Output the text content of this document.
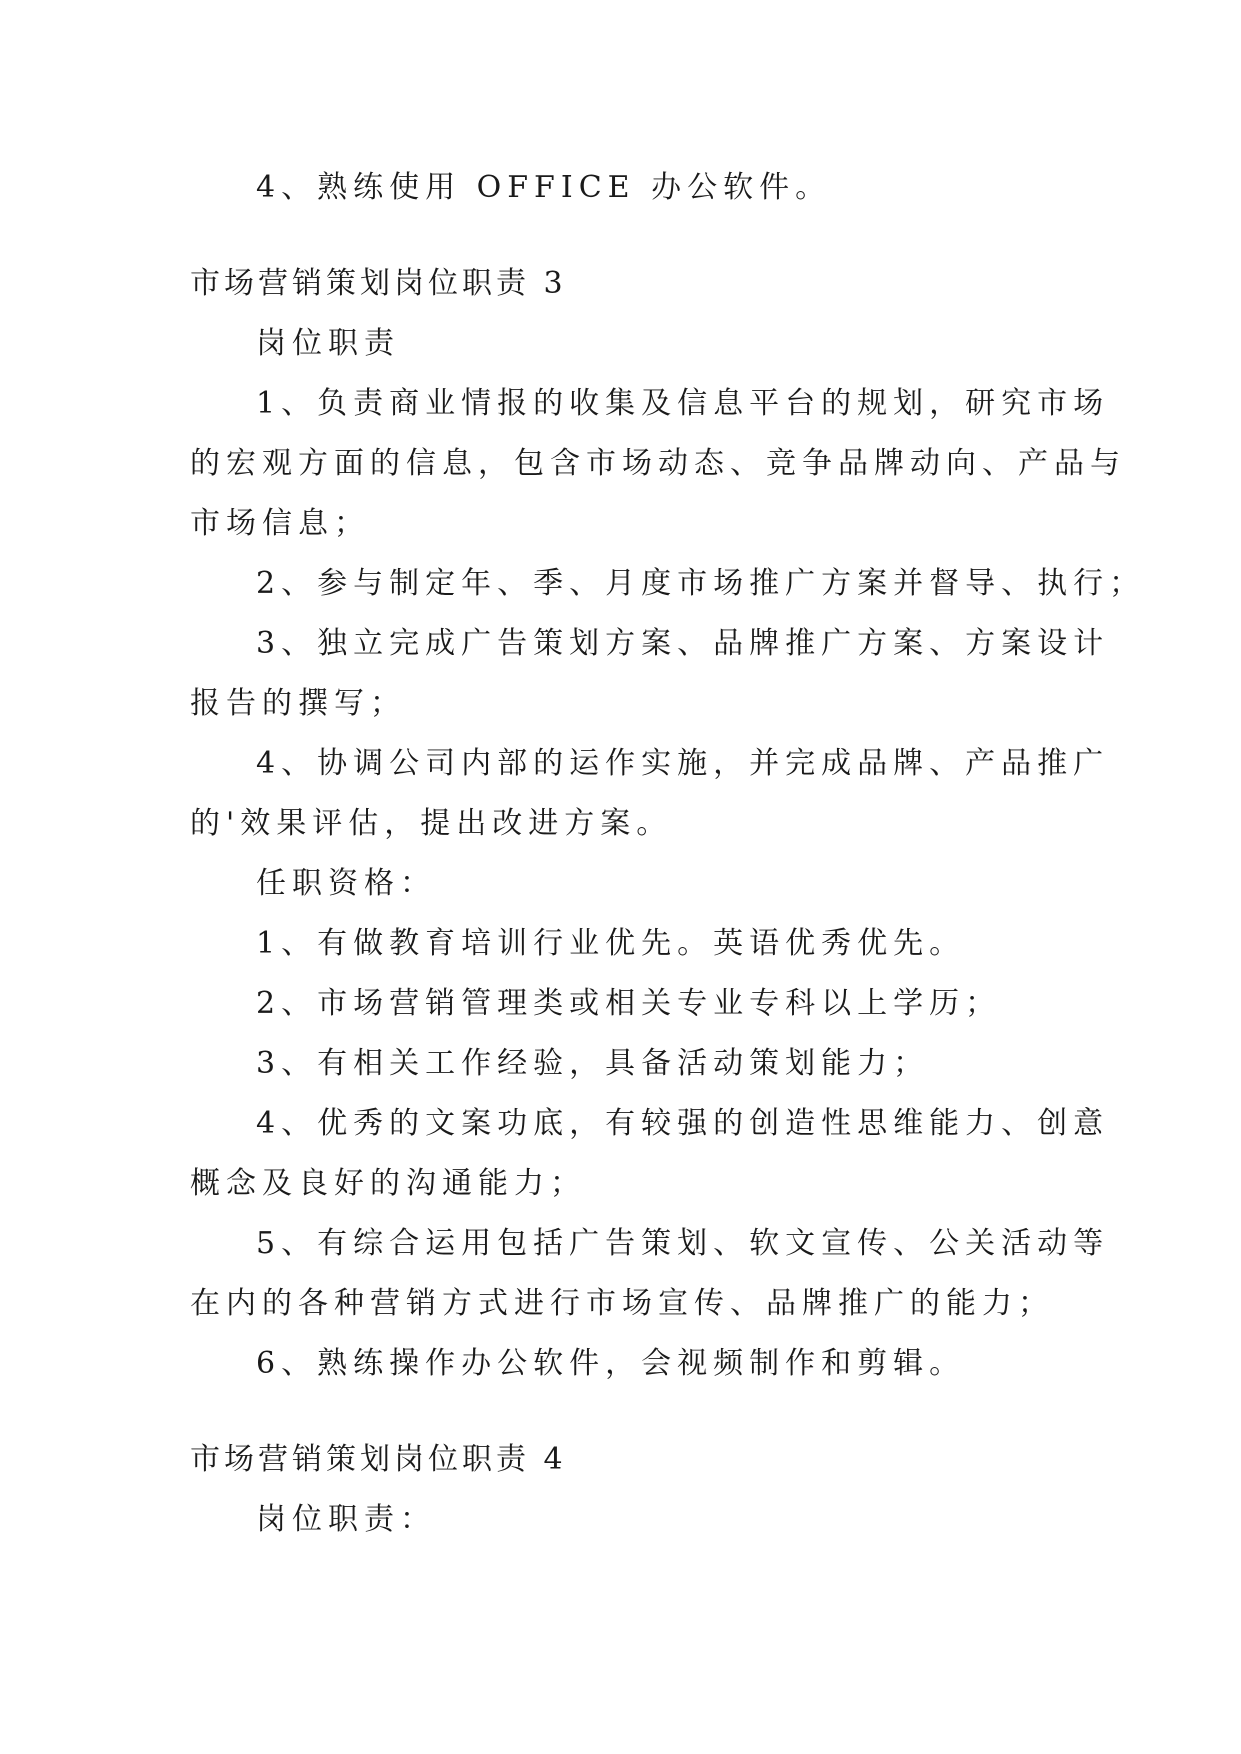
4、熟练使用 OFFICE 办公软件。
市场营销策划岗位职责 3
岗位职责
1、负责商业情报的收集及信息平台的规划，研究市场
的宏观方面的信息，包含市场动态、竞争品牌动向、产品与
市场信息；
2、参与制定年、季、月度市场推广方案并督导、执行；
3、独立完成广告策划方案、品牌推广方案、方案设计
报告的撰写；
4、协调公司内部的运作实施，并完成品牌、产品推广
的'效果评估，提出改进方案。
任职资格：
1、有做教育培训行业优先。英语优秀优先。
2、市场营销管理类或相关专业专科以上学历；
3、有相关工作经验，具备活动策划能力；
4、优秀的文案功底，有较强的创造性思维能力、创意
概念及良好的沟通能力；
5、有综合运用包括广告策划、软文宣传、公关活动等
在内的各种营销方式进行市场宣传、品牌推广的能力；
6、熟练操作办公软件，会视频制作和剪辑。
市场营销策划岗位职责 4
岗位职责：
